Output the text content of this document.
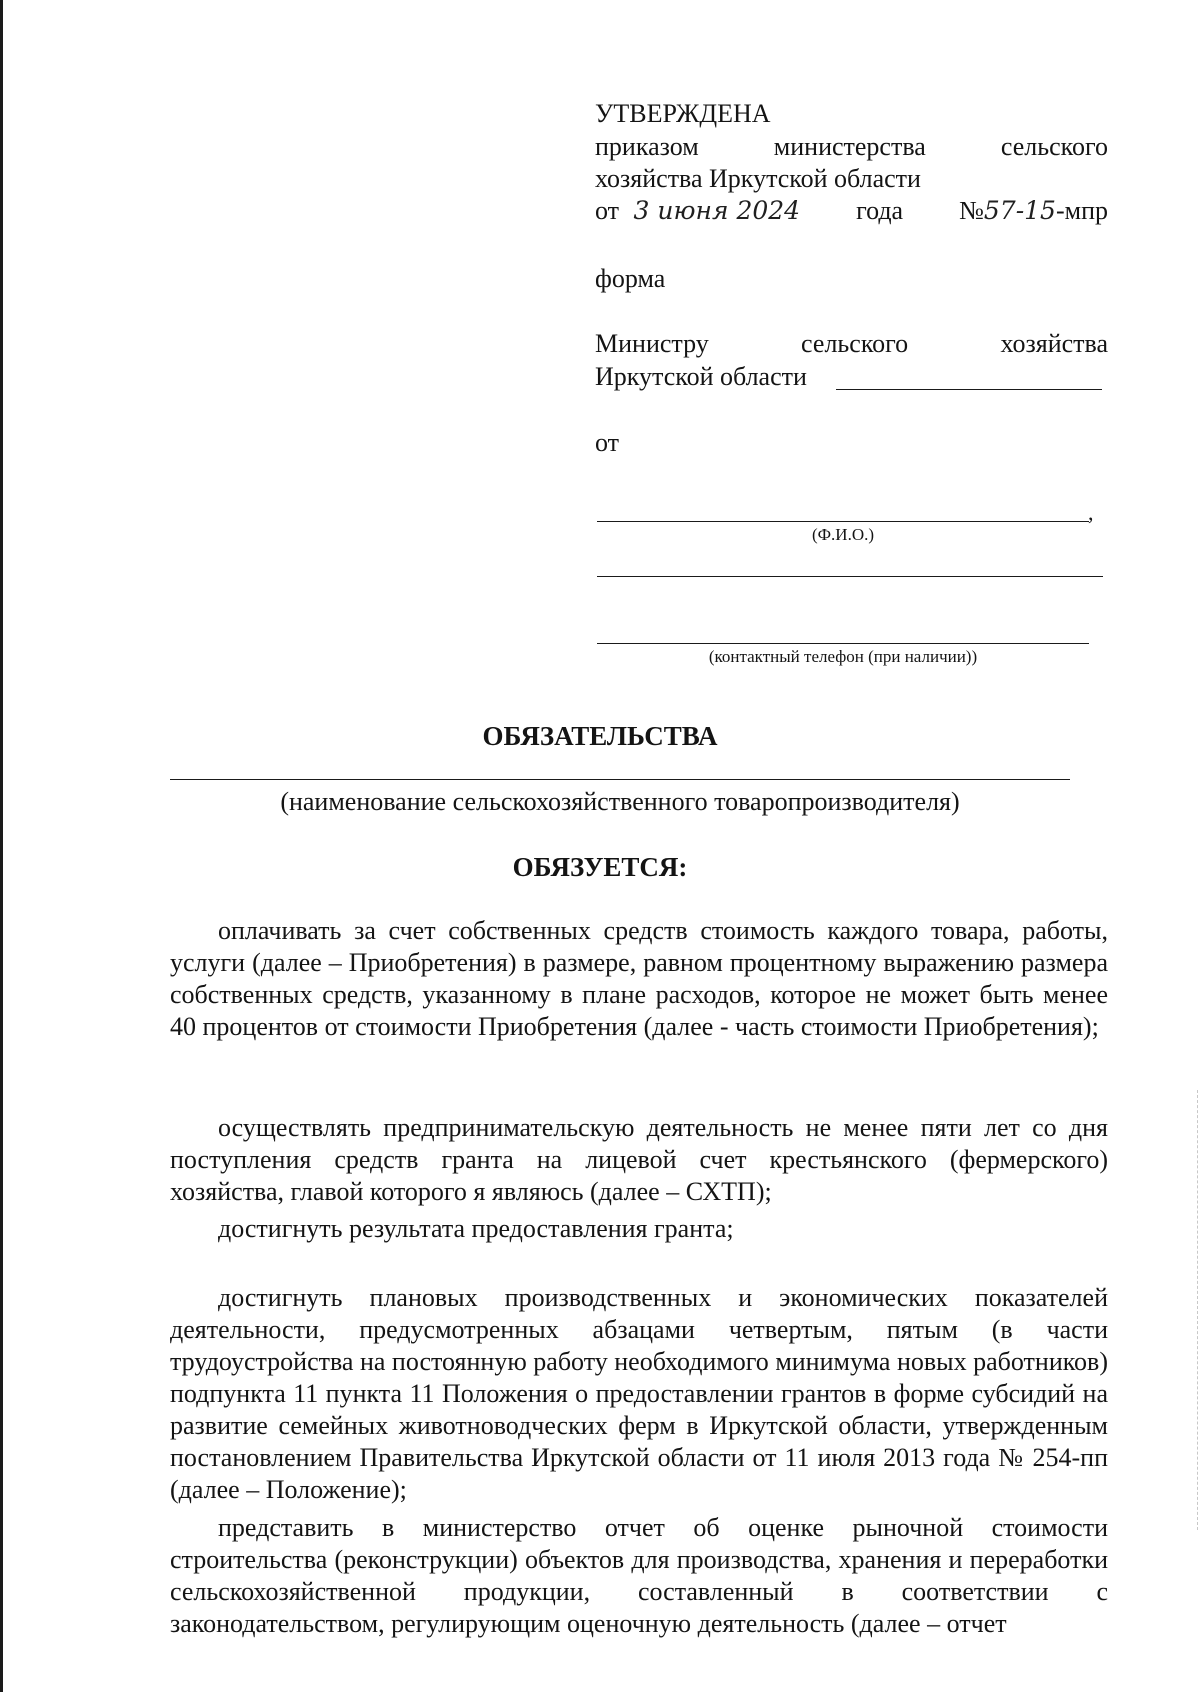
УТВЕРЖДЕНА
приказом	министерства	сельского
хозяйства Иркутской области
от 3 июня 2024 года №57-15-мпр
форма
Министру	сельского	хозяйства
Иркутской области
от
,
(Ф.И.О.)
(контактный телефон (при наличии))
ОБЯЗАТЕЛЬСТВА
(наименование сельскохозяйственного товаропроизводителя)
ОБЯЗУЕТСЯ:

оплачивать за счет собственных средств стоимость каждого товара, работы, услуги (далее – Приобретения) в размере, равном процентному выражению размера собственных средств, указанному в плане расходов, которое не может быть менее 40 процентов от стоимости Приобретения (далее - часть стоимости Приобретения);

осуществлять предпринимательскую деятельность не менее пяти лет со дня поступления средств гранта на лицевой счет крестьянского (фермерского) хозяйства, главой которого я являюсь (далее – СХТП);

достигнуть результата предоставления гранта;

достигнуть плановых производственных и экономических показателей деятельности, предусмотренных абзацами четвертым, пятым (в части трудоустройства на постоянную работу необходимого минимума новых работников) подпункта 11 пункта 11 Положения о предоставлении грантов в форме субсидий на развитие семейных животноводческих ферм в Иркутской области, утвержденным постановлением Правительства Иркутской области от 11 июля 2013 года № 254-пп (далее – Положение);

представить в министерство отчет об оценке рыночной стоимости строительства (реконструкции) объектов для производства, хранения и переработки сельскохозяйственной продукции, составленный в соответствии с законодательством, регулирующим оценочную деятельность (далее – отчет
